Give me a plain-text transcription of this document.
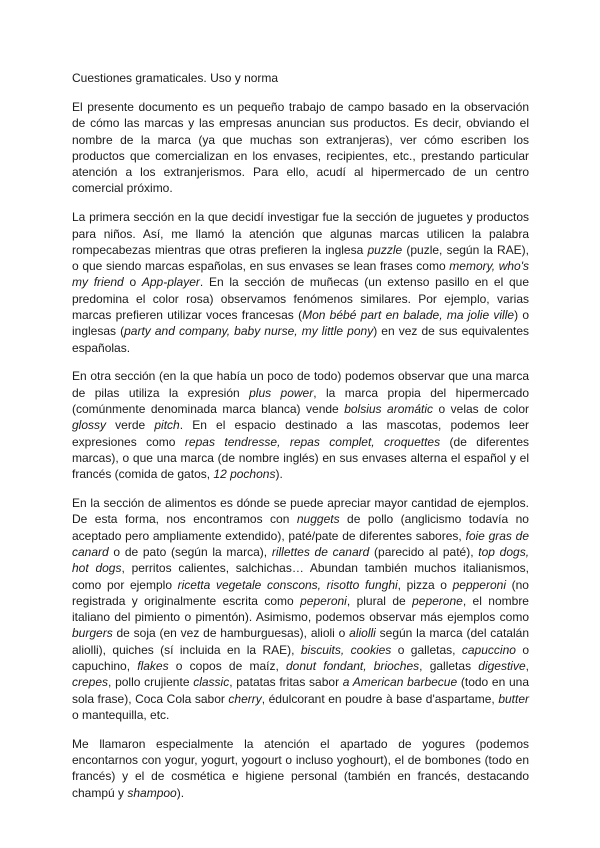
Cuestiones gramaticales. Uso y norma

El presente documento es un pequeño trabajo de campo basado en la observación de cómo las marcas y las empresas anuncian sus productos. Es decir, obviando el nombre de la marca (ya que muchas son extranjeras), ver cómo escriben los productos que comercializan en los envases, recipientes, etc., prestando particular atención a los extranjerismos. Para ello, acudí al hipermercado de un centro comercial próximo.

La primera sección en la que decidí investigar fue la sección de juguetes y productos para niños. Así, me llamó la atención que algunas marcas utilicen la palabra rompecabezas mientras que otras prefieren la inglesa puzzle (puzle, según la RAE), o que siendo marcas españolas, en sus envases se lean frases como memory, who's my friend o App-player. En la sección de muñecas (un extenso pasillo en el que predomina el color rosa) observamos fenómenos similares. Por ejemplo, varias marcas prefieren utilizar voces francesas (Mon bébé part en balade, ma jolie ville) o inglesas (party and company, baby nurse, my little pony) en vez de sus equivalentes españolas.

En otra sección (en la que había un poco de todo) podemos observar que una marca de pilas utiliza la expresión plus power, la marca propia del hipermercado (comúnmente denominada marca blanca) vende bolsius aromátic o velas de color glossy verde pitch. En el espacio destinado a las mascotas, podemos leer expresiones como repas tendresse, repas complet, croquettes (de diferentes marcas), o que una marca (de nombre inglés) en sus envases alterna el español y el francés (comida de gatos, 12 pochons).

En la sección de alimentos es dónde se puede apreciar mayor cantidad de ejemplos. De esta forma, nos encontramos con nuggets de pollo (anglicismo todavía no aceptado pero ampliamente extendido), paté/pate de diferentes sabores, foie gras de canard o de pato (según la marca), rillettes de canard (parecido al paté), top dogs, hot dogs, perritos calientes, salchichas… Abundan también muchos italianismos, como por ejemplo ricetta vegetale conscons, risotto funghi, pizza o pepperoni (no registrada y originalmente escrita como peperoni, plural de peperone, el nombre italiano del pimiento o pimentón). Asimismo, podemos observar más ejemplos como burgers de soja (en vez de hamburguesas), alioli o aliolli según la marca (del catalán aliolli), quiches (sí incluida en la RAE), biscuits, cookies o galletas, capuccino o capuchino, flakes o copos de maíz, donut fondant, brioches, galletas digestive, crepes, pollo crujiente classic, patatas fritas sabor a American barbecue (todo en una sola frase), Coca Cola sabor cherry, édulcorant en poudre à base d'aspartame, butter o mantequilla, etc.

Me llamaron especialmente la atención el apartado de yogures (podemos encontarnos con yogur, yogurt, yogourt o incluso yoghourt), el de bombones (todo en francés) y el de cosmética e higiene personal (también en francés, destacando champú y shampoo).
